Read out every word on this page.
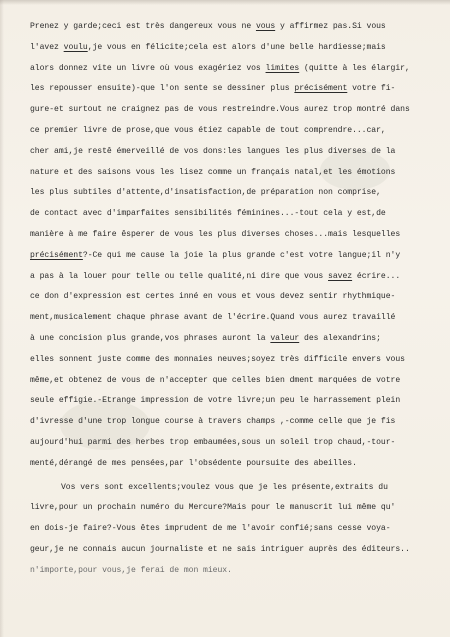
Prenez y garde;ceci est très dangereux vous ne vous y affirmez pas.Si vous
l'avez voulu,je vous en félicite;cela est alors d'une belle hardiesse;mais
alors donnez vite un livre où vous exagériez vos limites (quitte à les élargir,
les repousser ensuite)-que l'on sente se dessiner plus précisément votre fi-
gure-et surtout ne craignez pas de vous restreindre.Vous aurez trop montré dans
ce premier livre de prose,que vous étiez capable de tout comprendre...car,
cher ami,je restê émerveillé de vos dons:les langues les plus diverses de la
nature et des saisons vous les lisez comme un français natal,et les émotions
les plus subtiles d'attente,d'insatisfaction,de préparation non comprise,
de contact avec d'imparfaites sensibilités féminines...-tout cela y est,de
manière à me faire êsperer de vous les plus diverses choses...mais lesquelles
précisément?-Ce qui me cause la joie la plus grande c'est votre langue;il n'y
a pas à la louer pour telle ou telle qualité,ni dire que vous savez écrire...
ce don d'expression est certes inné en vous et vous devez sentir rhythmique-
ment,musicalement chaque phrase avant de l'écrire.Quand vous aurez travaillé
à une concision plus grande,vos phrases auront la valeur des alexandrins;
elles sonnent juste comme des monnaies neuves;soyez très difficile envers vous
même,et obtenez de vous de n'accepter que celles bien dment marquées de votre
seule effigie.-Etrange impression de votre livre;un peu le harrassement plein
d'ivresse d'une trop longue course à travers champs ,-comme celle que je fis
aujourd'hui parmi des herbes trop embaumées,sous un soleil trop chaud,-tour-
menté,dérangé de mes pensées,par l'obsédente poursuite des abeilles.
Vos vers sont excellents;voulez vous que je les présente,extraits du
livre,pour un prochain numéro du Mercure?Mais pour le manuscrit lui même qu'
en dois-je faire?-Vous êtes imprudent de me l'avoir confié;sans cesse voya-
geur,je ne connais aucun journaliste et ne sais intriguer auprès des éditeurs..
n'importe,pour vous,je ferai de mon mieux.
